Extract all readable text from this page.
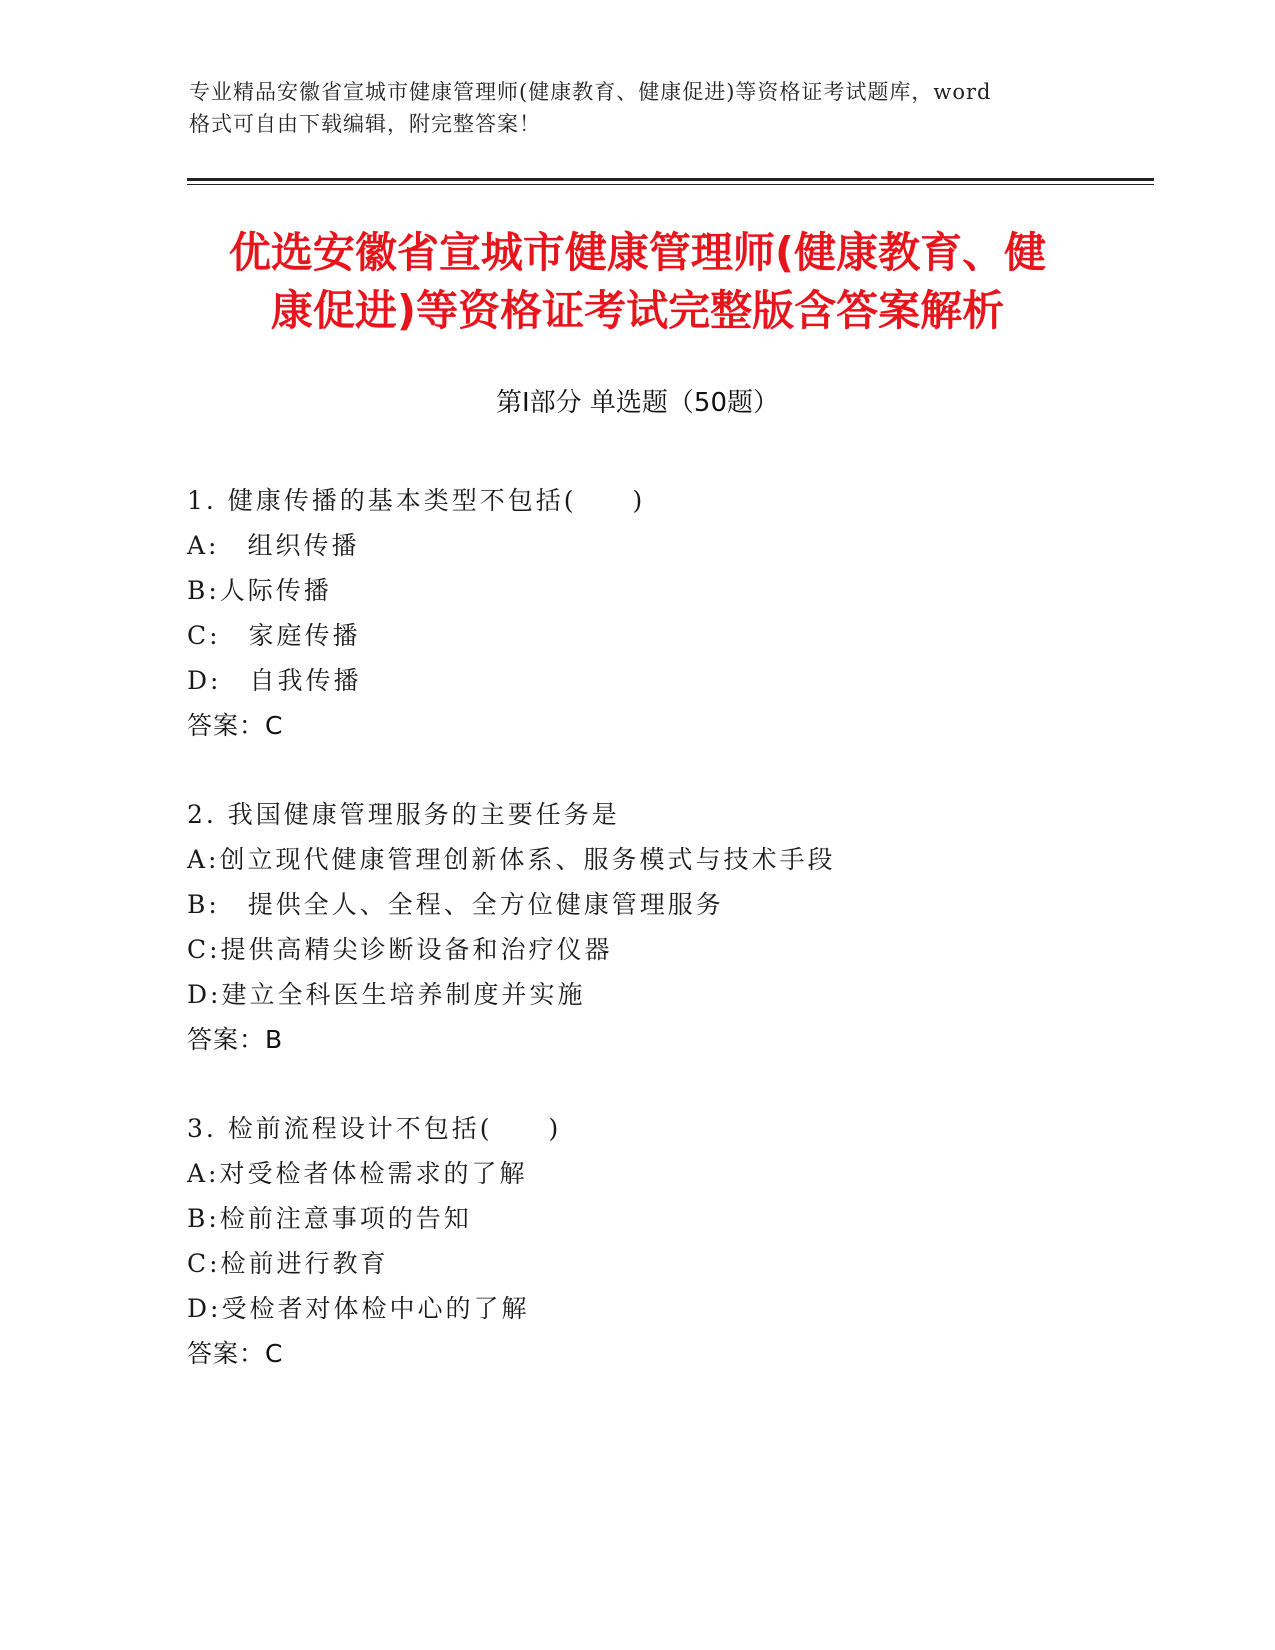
专业精品安徽省宣城市健康管理师(健康教育、健康促进)等资格证考试题库，word
格式可自由下载编辑，附完整答案！
优选安徽省宣城市健康管理师(健康教育、健
康促进)等资格证考试完整版含答案解析
第Ⅰ部分 单选题（50题）
1. 健康传播的基本类型不包括(　　)
A:　组织传播
B:人际传播
C:　家庭传播
D:　自我传播
答案：C
2. 我国健康管理服务的主要任务是
A:创立现代健康管理创新体系、服务模式与技术手段
B:　提供全人、全程、全方位健康管理服务
C:提供高精尖诊断设备和治疗仪器
D:建立全科医生培养制度并实施
答案：B
3. 检前流程设计不包括(　　)
A:对受检者体检需求的了解
B:检前注意事项的告知
C:检前进行教育
D:受检者对体检中心的了解
答案：C
